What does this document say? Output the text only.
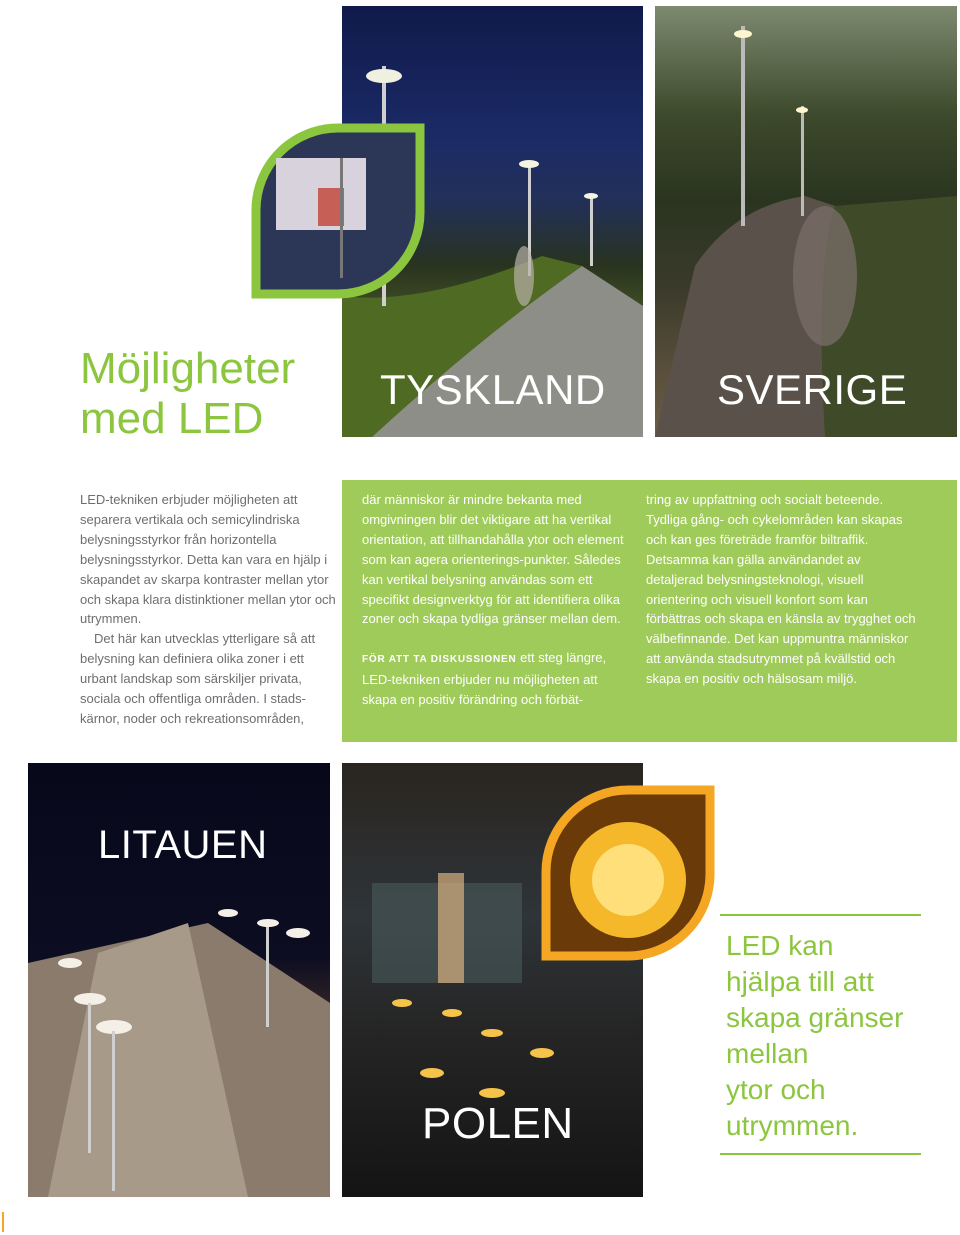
TYSKLAND	SVERIGE
Möjligheter
med LED

LED-tekniken erbjuder möjligheten att separera vertikala och semicylindriska belysningsstyrkor från horizontella belysningsstyrkor. Detta kan vara en hjälp i skapandet av skarpa kontraster mellan ytor och skapa klara distinktioner mellan ytor och utrymmen.

Det här kan utvecklas ytterligare så att belysning kan definiera olika zoner i ett urbant landskap som särskiljer privata, sociala och offentliga områden. I stads-kärnor, noder och rekreationsområden,

där människor är mindre bekanta med omgivningen blir det viktigare att ha vertikal orientation, att tillhandahålla ytor och element som kan agera orienterings-punkter. Således kan vertikal belysning användas som ett specifikt designverktyg för att identifiera olika zoner och skapa tydliga gränser mellan dem.

FÖR ATT TA DISKUSSIONEN ett steg längre, LED-tekniken erbjuder nu möjligheten att skapa en positiv förändring och förbät-

tring av uppfattning och socialt beteende. Tydliga gång- och cykelområden kan skapas och kan ges företräde framför biltraffik. Detsamma kan gälla användandet av detaljerad belysningsteknologi, visuell orientering och visuell konfort som kan förbättras och skapa en känsla av trygghet och välbefinnande. Det kan uppmuntra människor att använda stadsutrymmet på kvällstid och skapa en positiv och hälsosam miljö.

LITAUEN
POLEN
LED kan
hjälpa till att
skapa gränser
mellan
ytor och
utrymmen.
